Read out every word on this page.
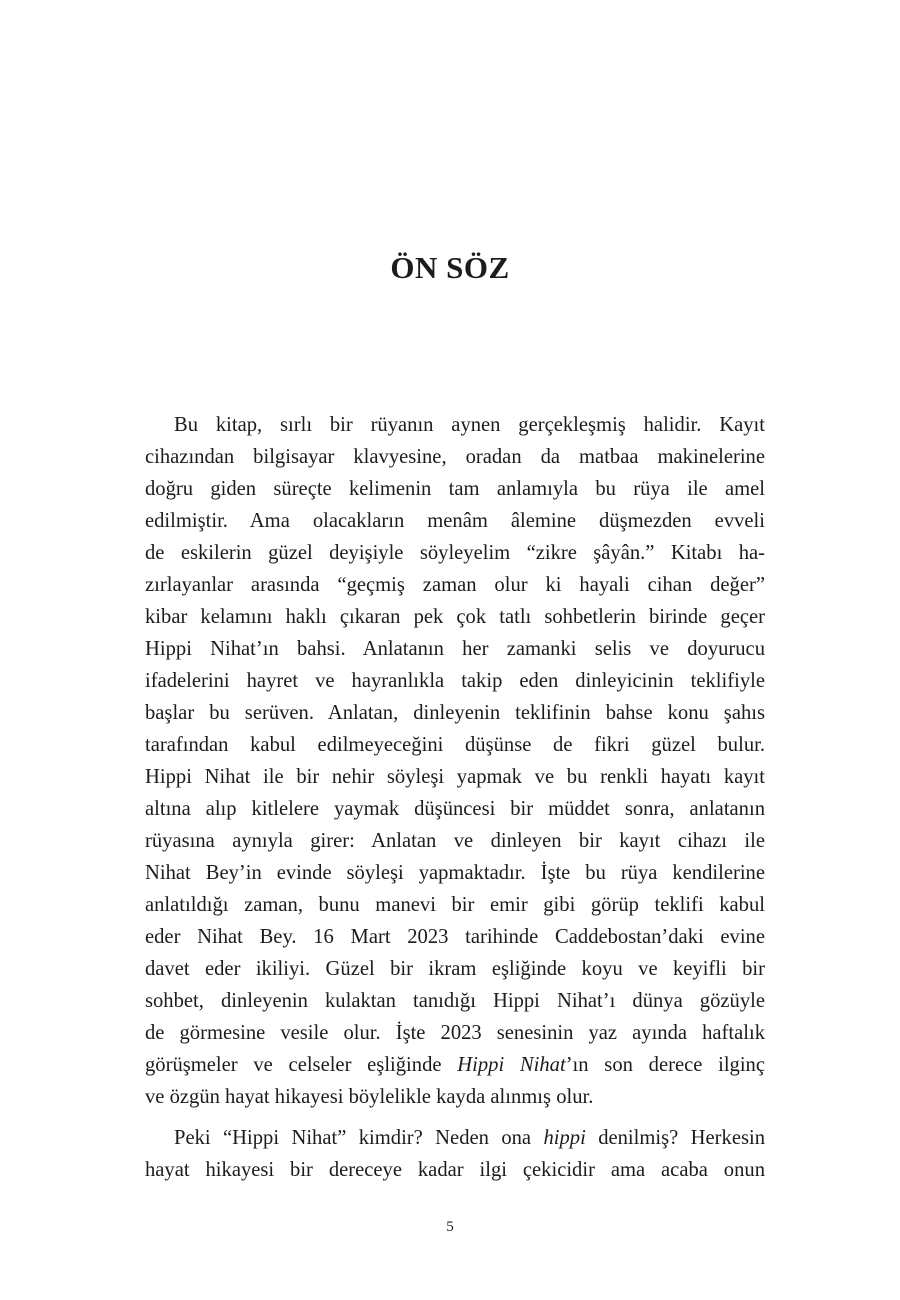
ÖN SÖZ
Bu kitap, sırlı bir rüyanın aynen gerçekleşmiş halidir. Kayıt
cihazından bilgisayar klavyesine, oradan da matbaa makinelerine
doğru giden süreçte kelimenin tam anlamıyla bu rüya ile amel
edilmiştir. Ama olacakların menâm âlemine düşmezden evveli
de eskilerin güzel deyişiyle söyleyelim “zikre şâyân.” Kitabı ha-
zırlayanlar arasında “geçmiş zaman olur ki hayali cihan değer”
kibar kelamını haklı çıkaran pek çok tatlı sohbetlerin birinde geçer
Hippi Nihat’ın bahsi. Anlatanın her zamanki selis ve doyurucu
ifadelerini hayret ve hayranlıkla takip eden dinleyicinin teklifiyle
başlar bu serüven. Anlatan, dinleyenin teklifinin bahse konu şahıs
tarafından kabul edilmeyeceğini düşünse de fikri güzel bulur.
Hippi Nihat ile bir nehir söyleşi yapmak ve bu renkli hayatı kayıt
altına alıp kitlelere yaymak düşüncesi bir müddet sonra, anlatanın
rüyasına aynıyla girer: Anlatan ve dinleyen bir kayıt cihazı ile
Nihat Bey’in evinde söyleşi yapmaktadır. İşte bu rüya kendilerine
anlatıldığı zaman, bunu manevi bir emir gibi görüp teklifi kabul
eder Nihat Bey. 16 Mart 2023 tarihinde Caddebostan’daki evine
davet eder ikiliyi. Güzel bir ikram eşliğinde koyu ve keyifli bir
sohbet, dinleyenin kulaktan tanıdığı Hippi Nihat’ı dünya gözüyle
de görmesine vesile olur. İşte 2023 senesinin yaz ayında haftalık
görüşmeler ve celseler eşliğinde Hippi Nihat’ın son derece ilginç
ve özgün hayat hikayesi böylelikle kayda alınmış olur.
Peki “Hippi Nihat” kimdir? Neden ona hippi denilmiş? Herkesin
hayat hikayesi bir dereceye kadar ilgi çekicidir ama acaba onun
5
